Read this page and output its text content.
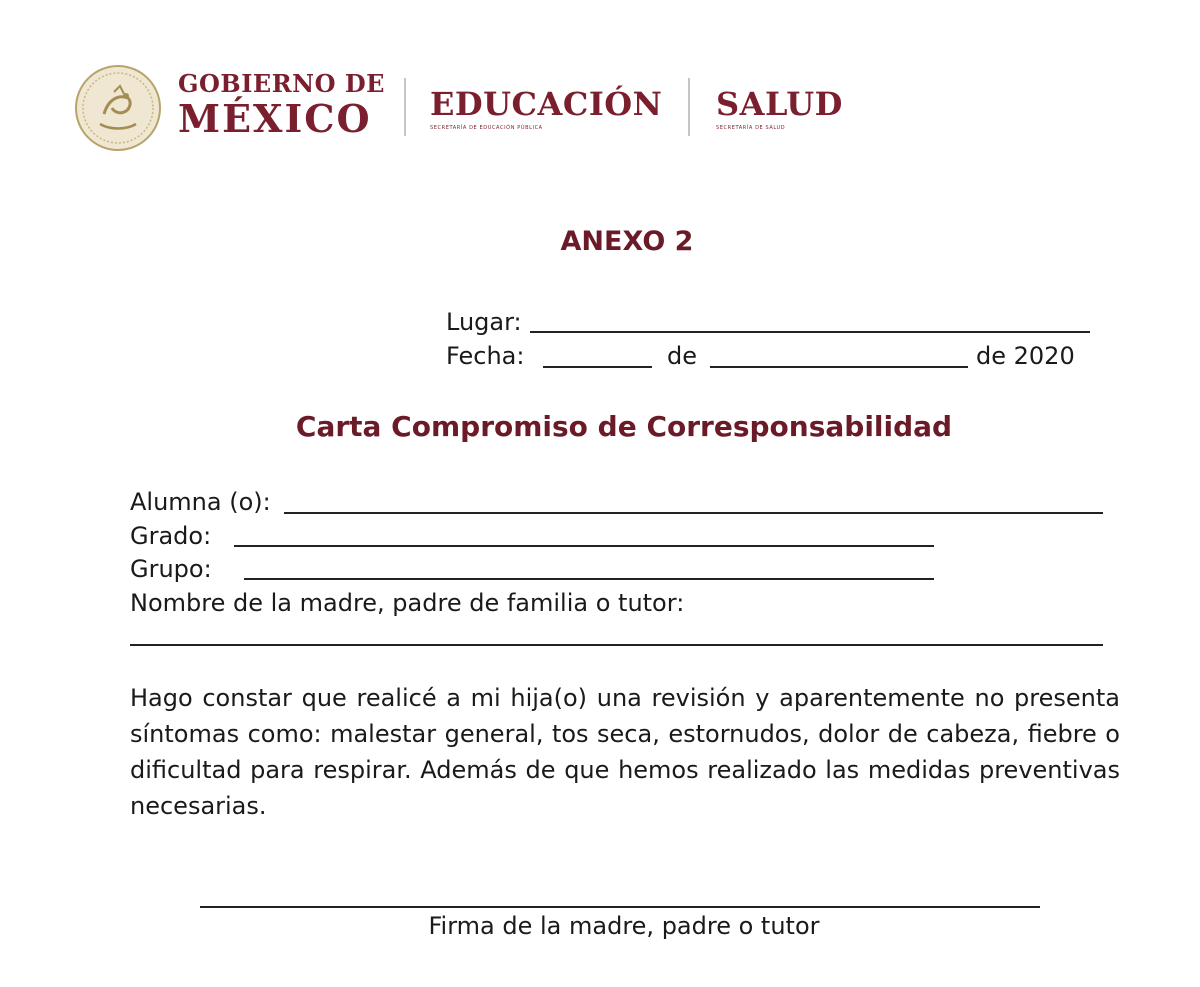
GOBIERNO DE
MÉXICO	EDUCACIÓN
SECRETARÍA DE EDUCACIÓN PÚBLICA
SALUD
SECRETARÍA DE SALUD
ANEXO 2
Lugar:
Fecha:	de	de 2020
Carta Compromiso de Corresponsabilidad
Alumna (o):
Grado:
Grupo:
Nombre de la madre, padre de familia o tutor:
Hago constar que realicé a mi hija(o) una revisión y aparentemente no presenta síntomas como: malestar general, tos seca, estornudos, dolor de cabeza, fiebre o dificultad para respirar. Además de que hemos realizado las medidas preventivas necesarias.
Firma de la madre, padre o tutor
